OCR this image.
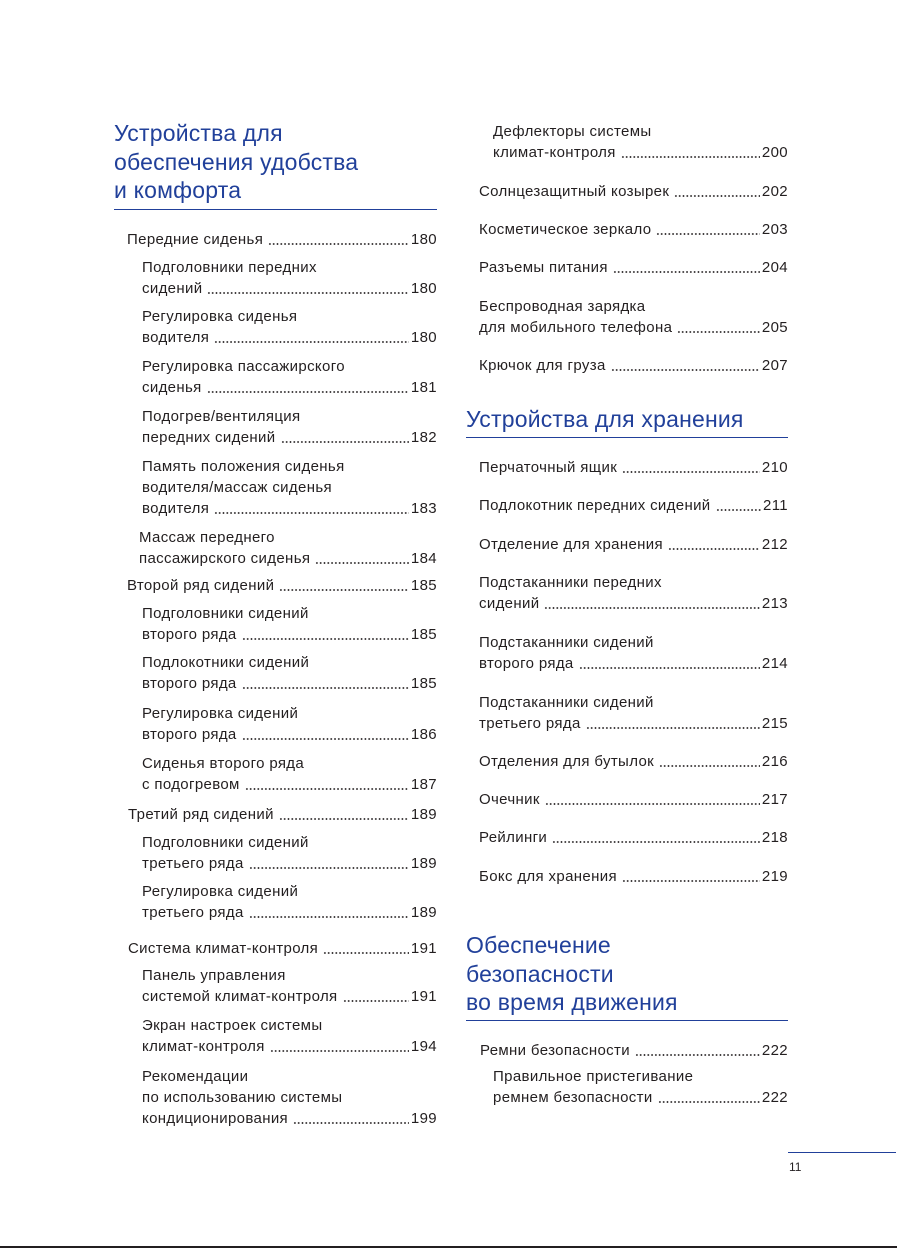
Устройства для
обеспечения удобства
и комфорта
Передние сиденья	180
Подголовники передних
сидений	180
Регулировка сиденья
водителя	180
Регулировка пассажирского
сиденья	181
Подогрев/вентиляция
передних сидений	182
Память положения сиденья
водителя/массаж сиденья
водителя	183
Массаж переднего
пассажирского сиденья	184
Второй ряд сидений	185
Подголовники сидений
второго ряда	185
Подлокотники сидений
второго ряда	185
Регулировка сидений
второго ряда	186
Сиденья второго ряда
с подогревом	187
Третий ряд сидений	189
Подголовники сидений
третьего ряда	189
Регулировка сидений
третьего ряда	189
Система климат-контроля	191
Панель управления
системой климат-контроля	191
Экран настроек системы
климат-контроля	194
Рекомендации
по использованию системы
кондиционирования	199
Устройства для хранения
Обеспечение
безопасности
во время движения
Дефлекторы системы
климат-контроля	200
Солнцезащитный козырек	202
Косметическое зеркало	203
Разъемы питания	204
Беспроводная зарядка
для мобильного телефона	205
Крючок для груза	207
Перчаточный ящик	210
Подлокотник передних сидений	211
Отделение для хранения	212
Подстаканники передних
сидений	213
Подстаканники сидений
второго ряда	214
Подстаканники сидений
третьего ряда	215
Отделения для бутылок	216
Очечник	217
Рейлинги	218
Бокс для хранения	219
Ремни безопасности	222
Правильное пристегивание
ремнем безопасности	222
11
